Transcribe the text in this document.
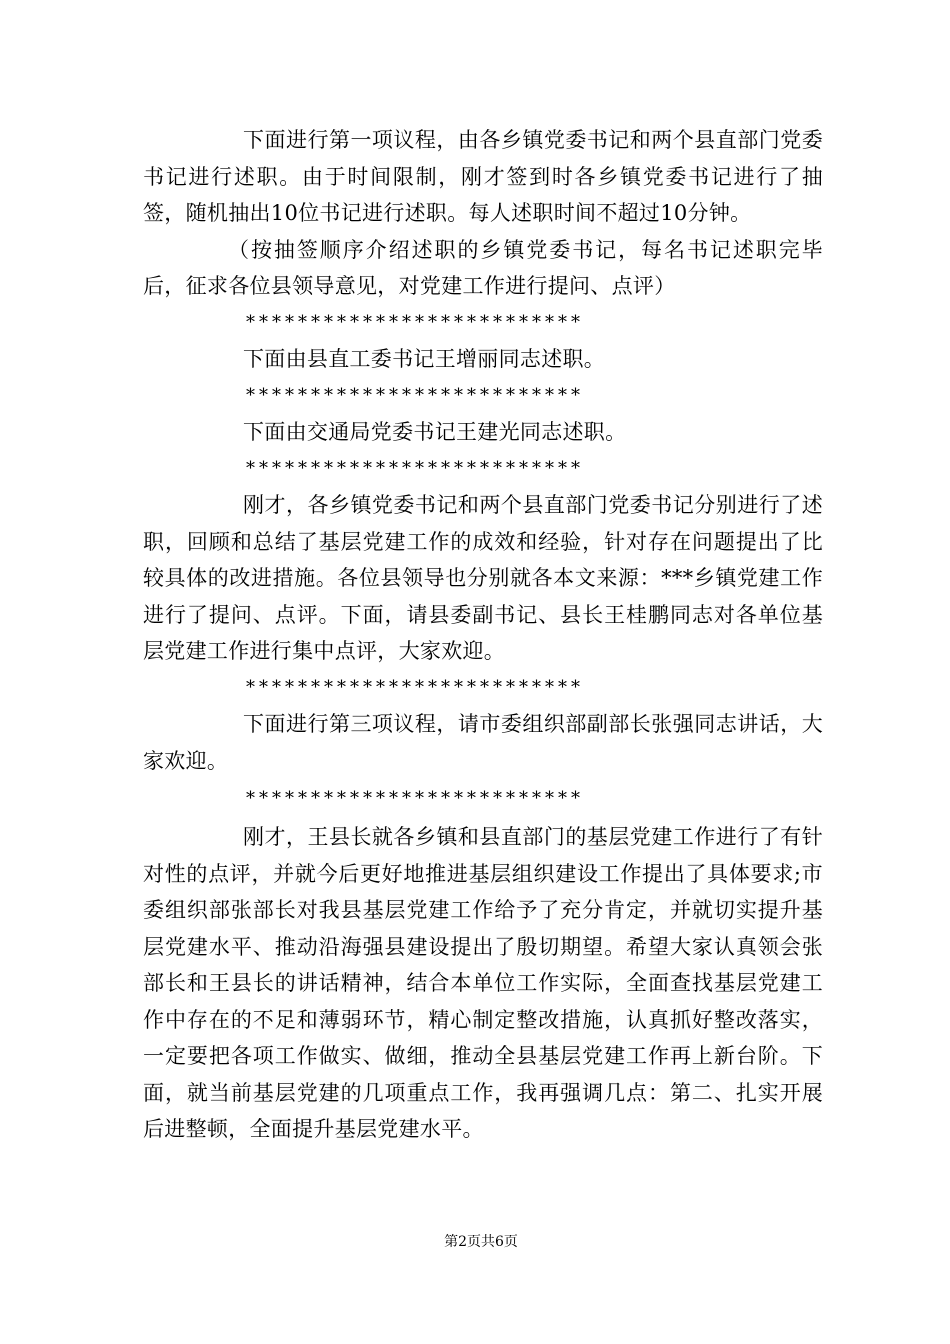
下面进行第一项议程，由各乡镇党委书记和两个县直部门党委书记进行述职。由于时间限制，刚才签到时各乡镇党委书记进行了抽签，随机抽出10位书记进行述职。每人述职时间不超过10分钟。

（按抽签顺序介绍述职的乡镇党委书记，每名书记述职完毕后，征求各位县领导意见，对党建工作进行提问、点评）

**************************

下面由县直工委书记王增丽同志述职。

**************************

下面由交通局党委书记王建光同志述职。

**************************

刚才，各乡镇党委书记和两个县直部门党委书记分别进行了述职，回顾和总结了基层党建工作的成效和经验，针对存在问题提出了比较具体的改进措施。各位县领导也分别就各本文来源：***乡镇党建工作进行了提问、点评。下面，请县委副书记、县长王桂鹏同志对各单位基层党建工作进行集中点评，大家欢迎。

**************************

下面进行第三项议程，请市委组织部副部长张强同志讲话，大家欢迎。

**************************

刚才，王县长就各乡镇和县直部门的基层党建工作进行了有针对性的点评，并就今后更好地推进基层组织建设工作提出了具体要求;市委组织部张部长对我县基层党建工作给予了充分肯定，并就切实提升基层党建水平、推动沿海强县建设提出了殷切期望。希望大家认真领会张部长和王县长的讲话精神，结合本单位工作实际，全面查找基层党建工作中存在的不足和薄弱环节，精心制定整改措施，认真抓好整改落实，一定要把各项工作做实、做细，推动全县基层党建工作再上新台阶。下面，就当前基层党建的几项重点工作，我再强调几点：第二、扎实开展后进整顿，全面提升基层党建水平。

第2页共6页
